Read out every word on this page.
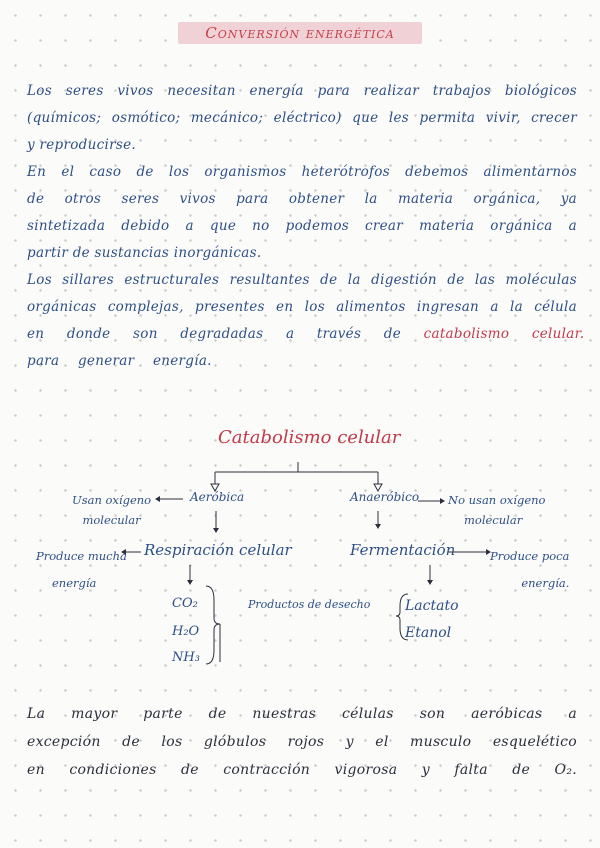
Conversión energética
Los seres vivos necesitan energía para realizar trabajos biológicos
(químicos; osmótico; mecánico; eléctrico) que les permita vivir, crecer
y reproducirse.
En el caso de los organismos heterótrofos debemos alimentarnos
de otros seres vivos para obtener la materia orgánica, ya
sintetizada debido a que no podemos crear materia orgánica a
partir de sustancias inorgánicas.
Los sillares estructurales resultantes de la digestión de las moléculas
orgánicas complejas, presentes en los alimentos ingresan a la célula
en donde son degradadas a través de catabolismo celular.
para generar energía.
Catabolismo celular
Aeróbica	Anaeróbico
Usan oxígeno
molecular
No usan oxígeno
molecular
Respiración celular	Fermentación
Produce mucha
energía
Produce poca
energía.
CO₂
H₂O
NH₃
Productos de desecho Lactato
Etanol
La mayor parte de nuestras células son aeróbicas a
excepción de los glóbulos rojos y el musculo esquelético
en condiciones de contracción vigorosa y falta de O₂.
